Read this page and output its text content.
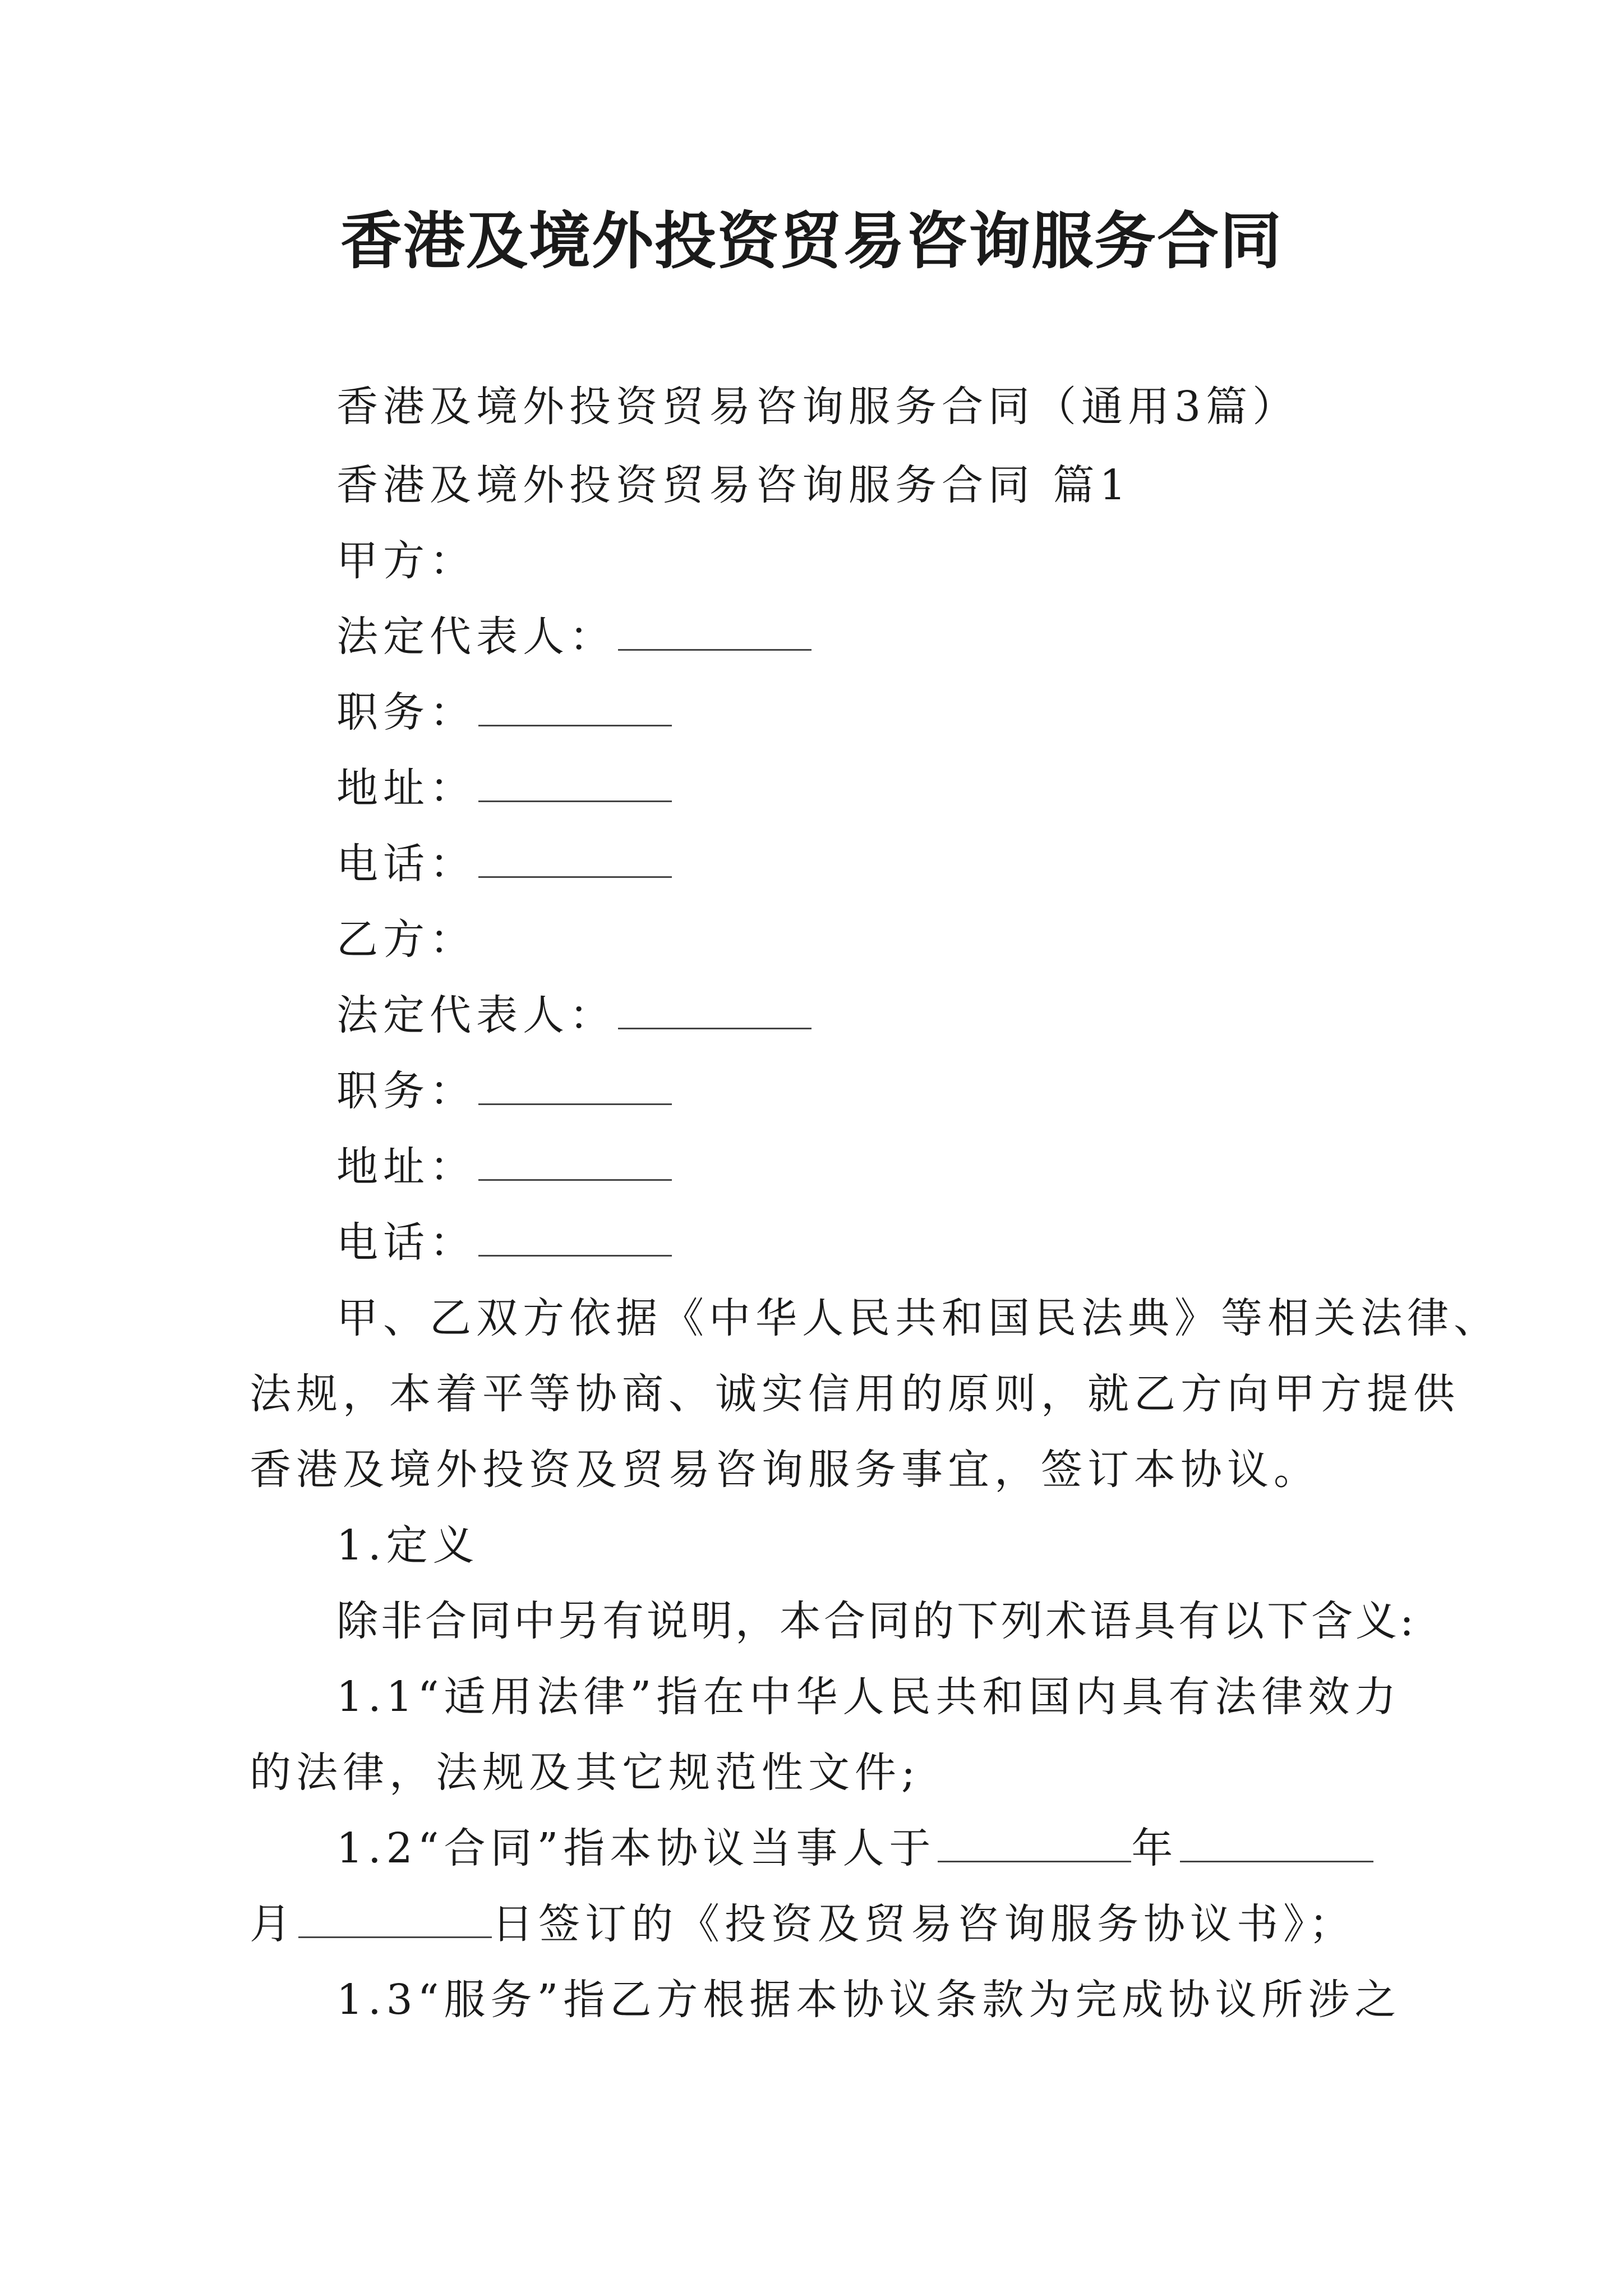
香港及境外投资贸易咨询服务合同
香港及境外投资贸易咨询服务合同（通用3篇）
香港及境外投资贸易咨询服务合同 篇1
甲方：
法定代表人：
职务：
地址：
电话：
乙方：
法定代表人：
职务：
地址：
电话：
甲、乙双方依据《中华人民共和国民法典》等相关法律、
法规，本着平等协商、诚实信用的原则，就乙方向甲方提供
香港及境外投资及贸易咨询服务事宜，签订本协议。
1.定义
除非合同中另有说明，本合同的下列术语具有以下含义:
1.1“适用法律”指在中华人民共和国内具有法律效力
的法律，法规及其它规范性文件;
1.2“合同”指本协议当事人于	年
月	日签订的《投资及贸易咨询服务协议书》；
1.3“服务”指乙方根据本协议条款为完成协议所涉之
